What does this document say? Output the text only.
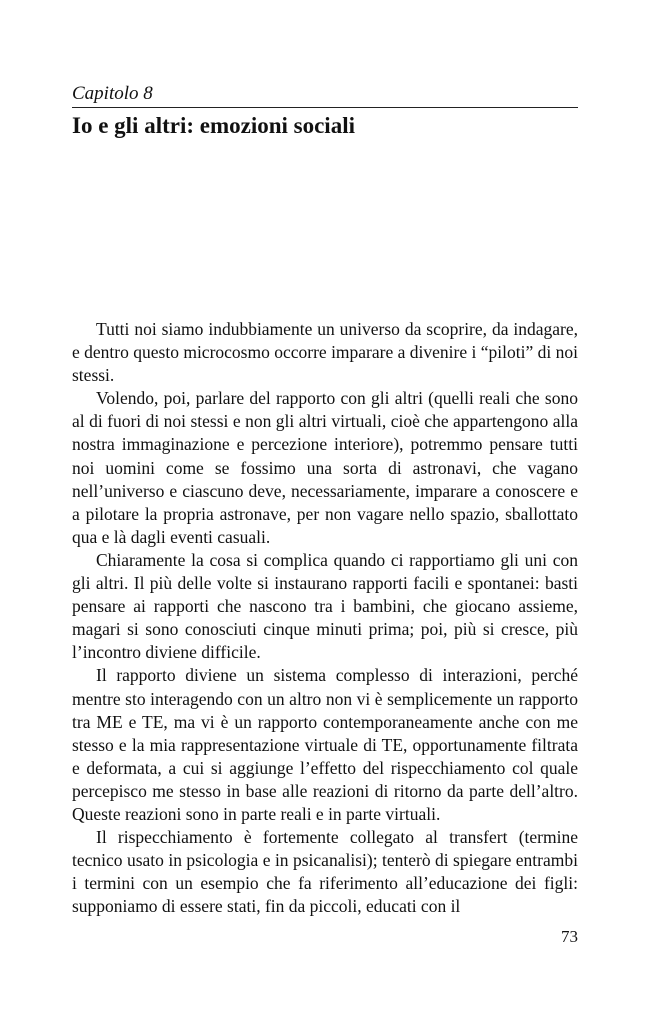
Capitolo 8
Io e gli altri: emozioni sociali

Tutti noi siamo indubbiamente un universo da scoprire, da indagare, e dentro questo microcosmo occorre imparare a divenire i “piloti” di noi stessi.

Volendo, poi, parlare del rapporto con gli altri (quelli reali che sono al di fuori di noi stessi e non gli altri virtuali, cioè che appartengono alla nostra immaginazione e percezione interiore), potremmo pensare tutti noi uomini come se fossimo una sorta di astronavi, che vagano nell’universo e ciascuno deve, necessariamente, imparare a conoscere e a pilotare la propria astronave, per non vagare nello spazio, sballottato qua e là dagli eventi casuali.

Chiaramente la cosa si complica quando ci rapportiamo gli uni con gli altri. Il più delle volte si instaurano rapporti facili e spontanei: basti pensare ai rapporti che nascono tra i bambini, che giocano assieme, magari si sono conosciuti cinque minuti prima; poi, più si cresce, più l’incontro diviene difficile.

Il rapporto diviene un sistema complesso di interazioni, perché mentre sto interagendo con un altro non vi è semplicemente un rapporto tra ME e TE, ma vi è un rapporto contemporaneamente anche con me stesso e la mia rappresentazione virtuale di TE, opportunamente filtrata e deformata, a cui si aggiunge l’effetto del rispecchiamento col quale percepisco me stesso in base alle reazioni di ritorno da parte dell’altro. Queste reazioni sono in parte reali e in parte virtuali.

Il rispecchiamento è fortemente collegato al transfert (termine tecnico usato in psicologia e in psicanalisi); tenterò di spiegare entrambi i termini con un esempio che fa riferimento all’educazione dei figli: supponiamo di essere stati, fin da piccoli, educati con il

73
